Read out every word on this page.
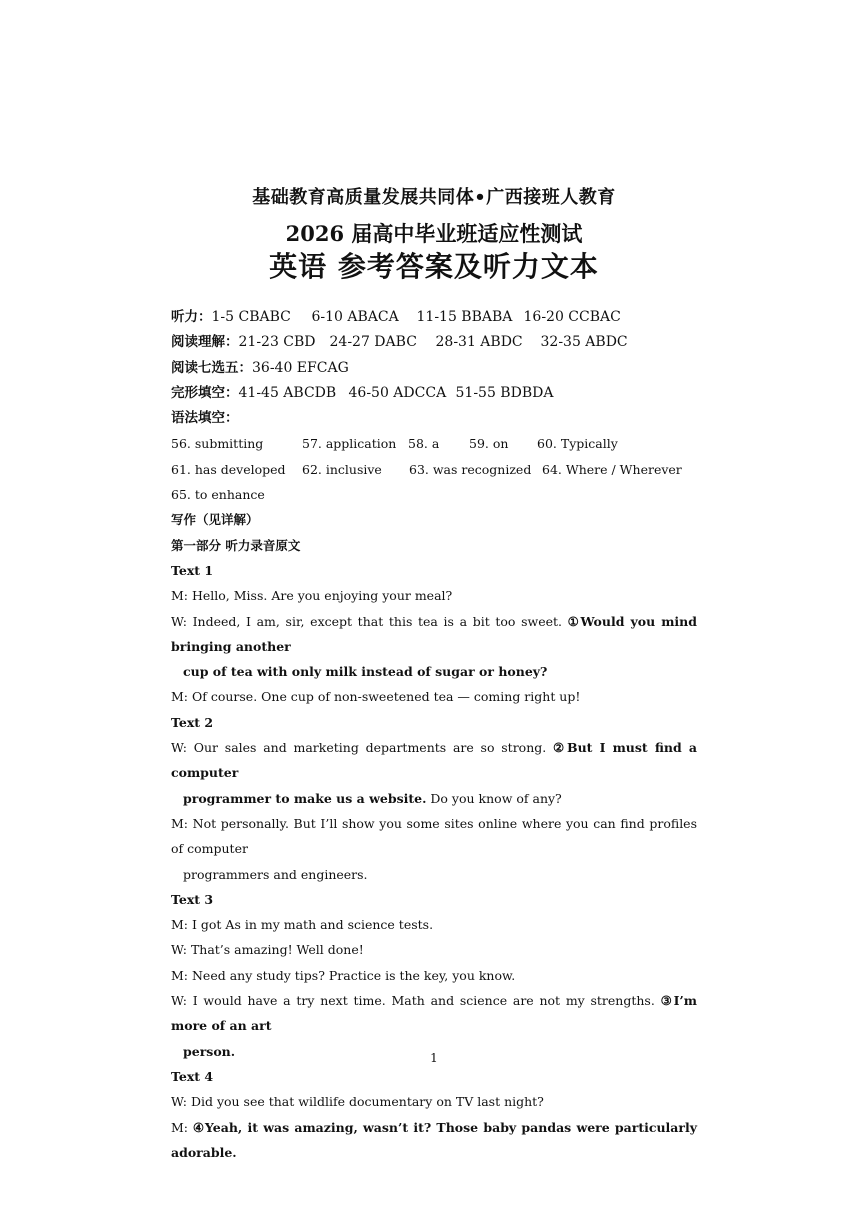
基础教育高质量发展共同体•广西接班人教育
2026 届高中毕业班适应性测试
英语 参考答案及听力文本
听力：1-5 CBABC 6-10 ABACA 11-15 BBABA 16-20 CCBAC
阅读理解：21-23 CBD 24-27 DABC 28-31 ABDC 32-35 ABDC
阅读七选五：36-40 EFCAG
完形填空：41-45 ABCDB 46-50 ADCCA 51-55 BDBDA
语法填空：
56. submitting	57. application 58. a 59. on 60. Typically
61. has developed 62. inclusive 63. was recognized 64. Where / Wherever
65. to enhance
写作（见详解）
第一部分 听力录音原文
Text 1
M: Hello, Miss. Are you enjoying your meal?
W: Indeed, I am, sir, except that this tea is a bit too sweet. ①Would you mind bringing another
cup of tea with only milk instead of sugar or honey?
M: Of course. One cup of non-sweetened tea — coming right up!
Text 2
W: Our sales and marketing departments are so strong. ②But I must find a computer
programmer to make us a website. Do you know of any?
M: Not personally. But I’ll show you some sites online where you can find profiles of computer
programmers and engineers.
Text 3
M: I got As in my math and science tests.
W: That’s amazing! Well done!
M: Need any study tips? Practice is the key, you know.
W: I would have a try next time. Math and science are not my strengths. ③I’m more of an art
person.
Text 4
W: Did you see that wildlife documentary on TV last night?
M: ④Yeah, it was amazing, wasn’t it? Those baby pandas were particularly adorable.
1
